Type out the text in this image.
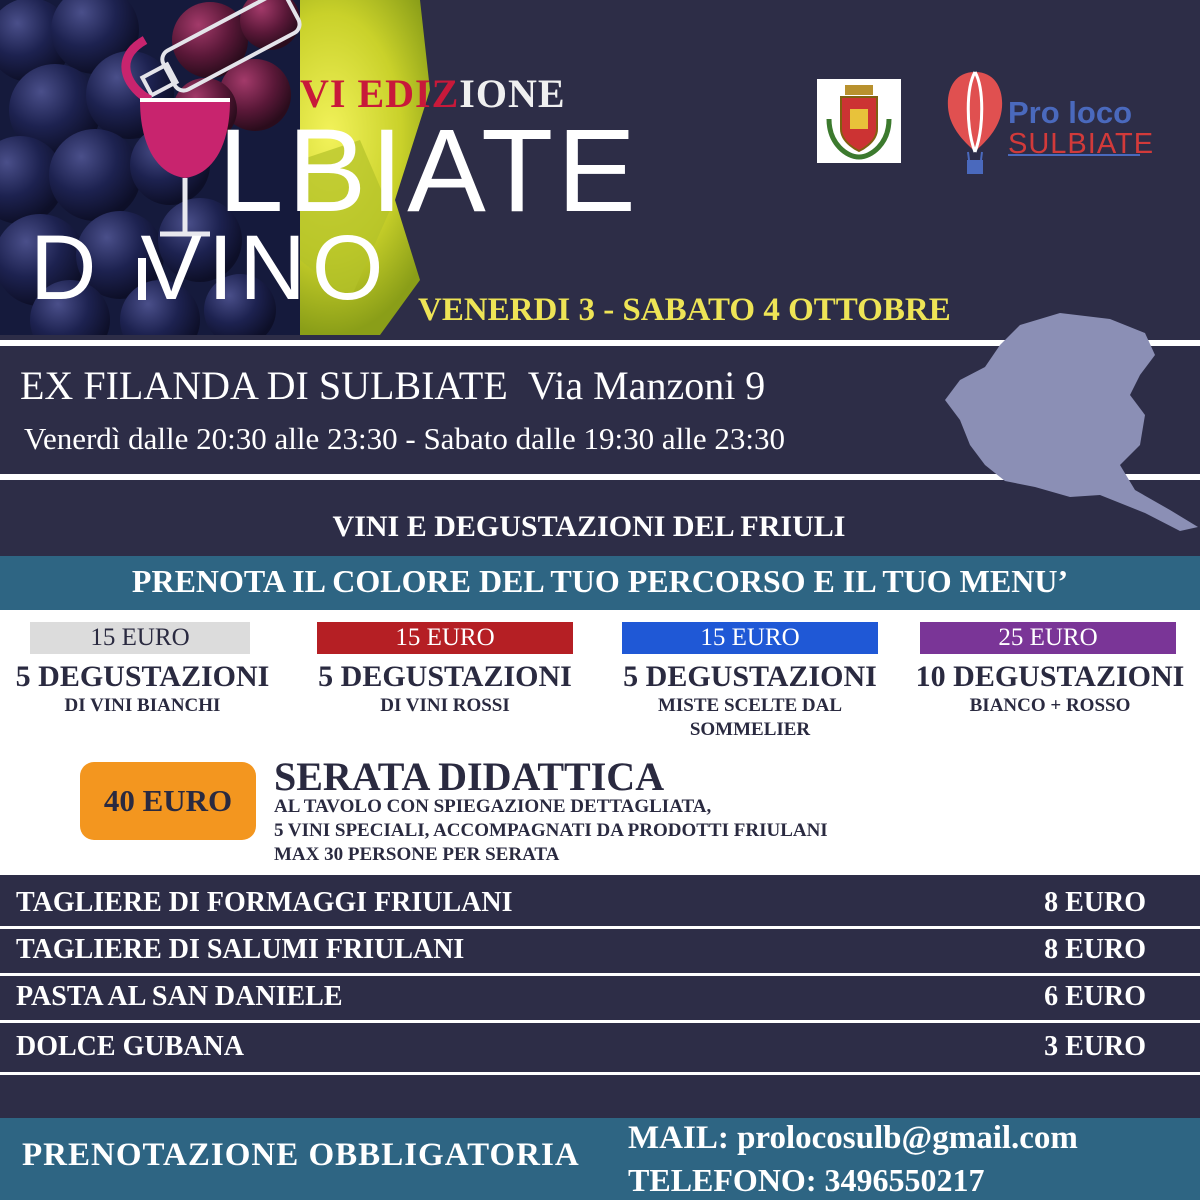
VI EDIZIONE
LBIATE
D VINO VENERDI 3 - SABATO 4 OTTOBRE
Pro loco
SULBIATE
EX FILANDA DI SULBIATE Via Manzoni 9
Venerdì dalle 20:30 alle 23:30 - Sabato dalle 19:30 alle 23:30
VINI E DEGUSTAZIONI DEL FRIULI
PRENOTA IL COLORE DEL TUO PERCORSO E IL TUO MENU’
15 EURO
5 DEGUSTAZIONI
DI VINI BIANCHI
15 EURO
5 DEGUSTAZIONI
DI VINI ROSSI
15 EURO
5 DEGUSTAZIONI
MISTE SCELTE DAL
SOMMELIER
25 EURO
10 DEGUSTAZIONI
BIANCO + ROSSO
40 EURO
SERATA DIDATTICA
AL TAVOLO CON SPIEGAZIONE DETTAGLIATA,
5 VINI SPECIALI, ACCOMPAGNATI DA PRODOTTI FRIULANI
MAX 30 PERSONE PER SERATA
TAGLIERE DI FORMAGGI FRIULANI	8 EURO
TAGLIERE DI SALUMI FRIULANI	8 EURO
PASTA AL SAN DANIELE	6 EURO
DOLCE GUBANA	3 EURO
PRENOTAZIONE OBBLIGATORIA MAIL: prolocosulb@gmail.com
TELEFONO: 3496550217
